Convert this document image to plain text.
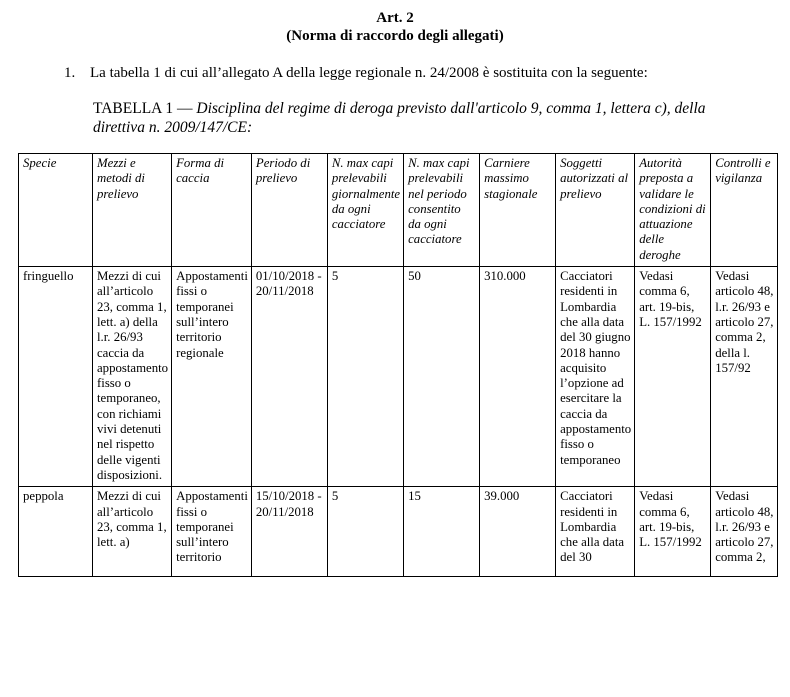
Art. 2
(Norma di raccordo degli allegati)
1. La tabella 1 di cui all’allegato A della legge regionale n. 24/2008 è sostituita con la seguente:
TABELLA 1 — Disciplina del regime di deroga previsto dall'articolo 9, comma 1, lettera c), della direttiva n. 2009/147/CE:
Specie	Mezzi e metodi di prelievo	Forma di caccia	Periodo di prelievo	N. max capi prelevabili giornalmente da ogni cacciatore	N. max capi prelevabili nel periodo consentito da ogni cacciatore	Carniere massimo stagionale	Soggetti autorizzati al prelievo	Autorità preposta a validare le condizioni di attuazione delle deroghe	Controlli e vigilanza
fringuello	Mezzi di cui all’articolo 23, comma 1, lett. a) della l.r. 26/93 caccia da appostamento fisso o temporaneo, con richiami vivi detenuti nel rispetto delle vigenti disposizioni.	Appostamenti fissi o temporanei sull’intero territorio regionale	01/10/2018 - 20/11/2018	5	50	310.000	Cacciatori residenti in Lombardia che alla data del 30 giugno 2018 hanno acquisito l’opzione ad esercitare la caccia da appostamento fisso o temporaneo	Vedasi comma 6, art. 19-bis, L. 157/1992	Vedasi articolo 48, l.r. 26/93 e articolo 27, comma 2, della l. 157/92
peppola	Mezzi di cui all’articolo 23, comma 1, lett. a)	Appostamenti fissi o temporanei sull’intero territorio	15/10/2018 - 20/11/2018	5	15	39.000	Cacciatori residenti in Lombardia che alla data del 30	Vedasi comma 6, art. 19-bis, L. 157/1992	Vedasi articolo 48, l.r. 26/93 e articolo 27, comma 2,
